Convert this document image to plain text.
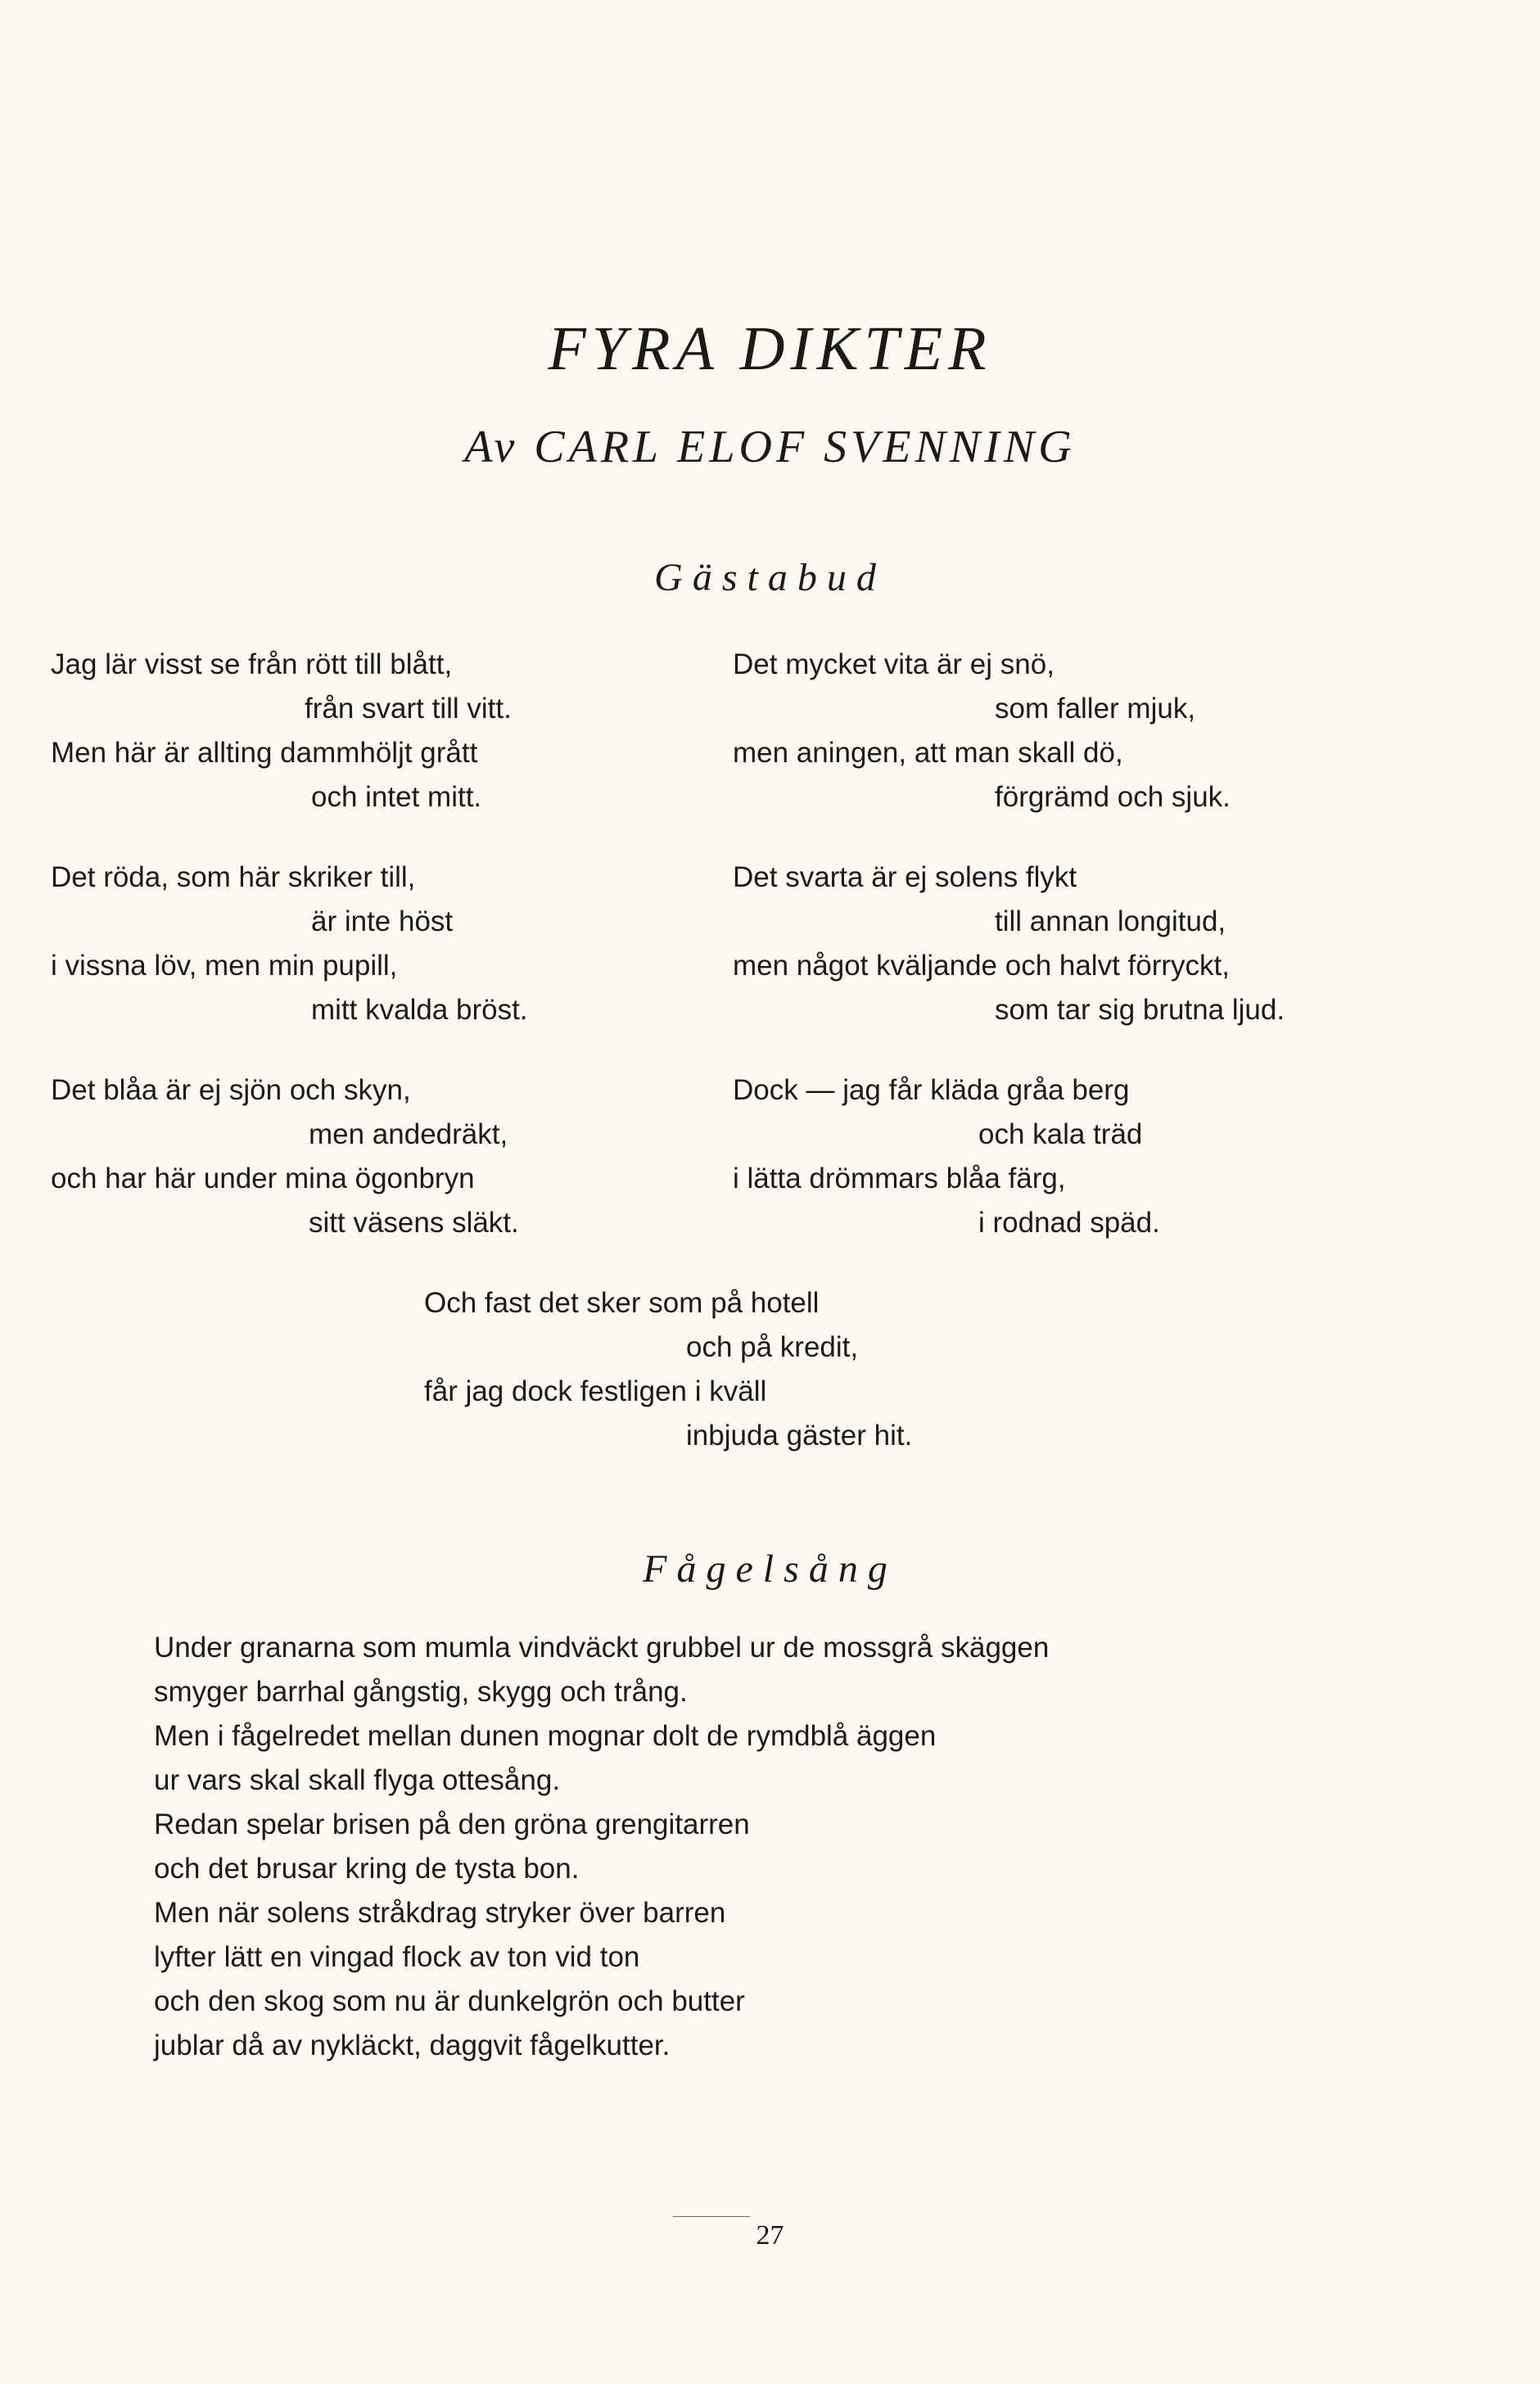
FYRA DIKTER
Av CARL ELOF SVENNING
Gästabud
Jag lär visst se från rött till blått,
från svart till vitt.
Men här är allting dammhöljt grått
och intet mitt.
Det mycket vita är ej snö,
som faller mjuk,
men aningen, att man skall dö,
förgrämd och sjuk.
Det röda, som här skriker till,
är inte höst
i vissna löv, men min pupill,
mitt kvalda bröst.
Det svarta är ej solens flykt
till annan longitud,
men något kväljande och halvt förryckt,
som tar sig brutna ljud.
Det blåa är ej sjön och skyn,
men andedräkt,
och har här under mina ögonbryn
sitt väsens släkt.
Dock — jag får kläda gråa berg
och kala träd
i lätta drömmars blåa färg,
i rodnad späd.
Och fast det sker som på hotell
och på kredit,
får jag dock festligen i kväll
inbjuda gäster hit.
Fågelsång
Under granarna som mumla vindväckt grubbel ur de mossgrå skäggen
smyger barrhal gångstig, skygg och trång.
Men i fågelredet mellan dunen mognar dolt de rymdblå äggen
ur vars skal skall flyga ottesång.
Redan spelar brisen på den gröna grengitarren
och det brusar kring de tysta bon.
Men när solens stråkdrag stryker över barren
lyfter lätt en vingad flock av ton vid ton
och den skog som nu är dunkelgrön och butter
jublar då av nykläckt, daggvit fågelkutter.
27
